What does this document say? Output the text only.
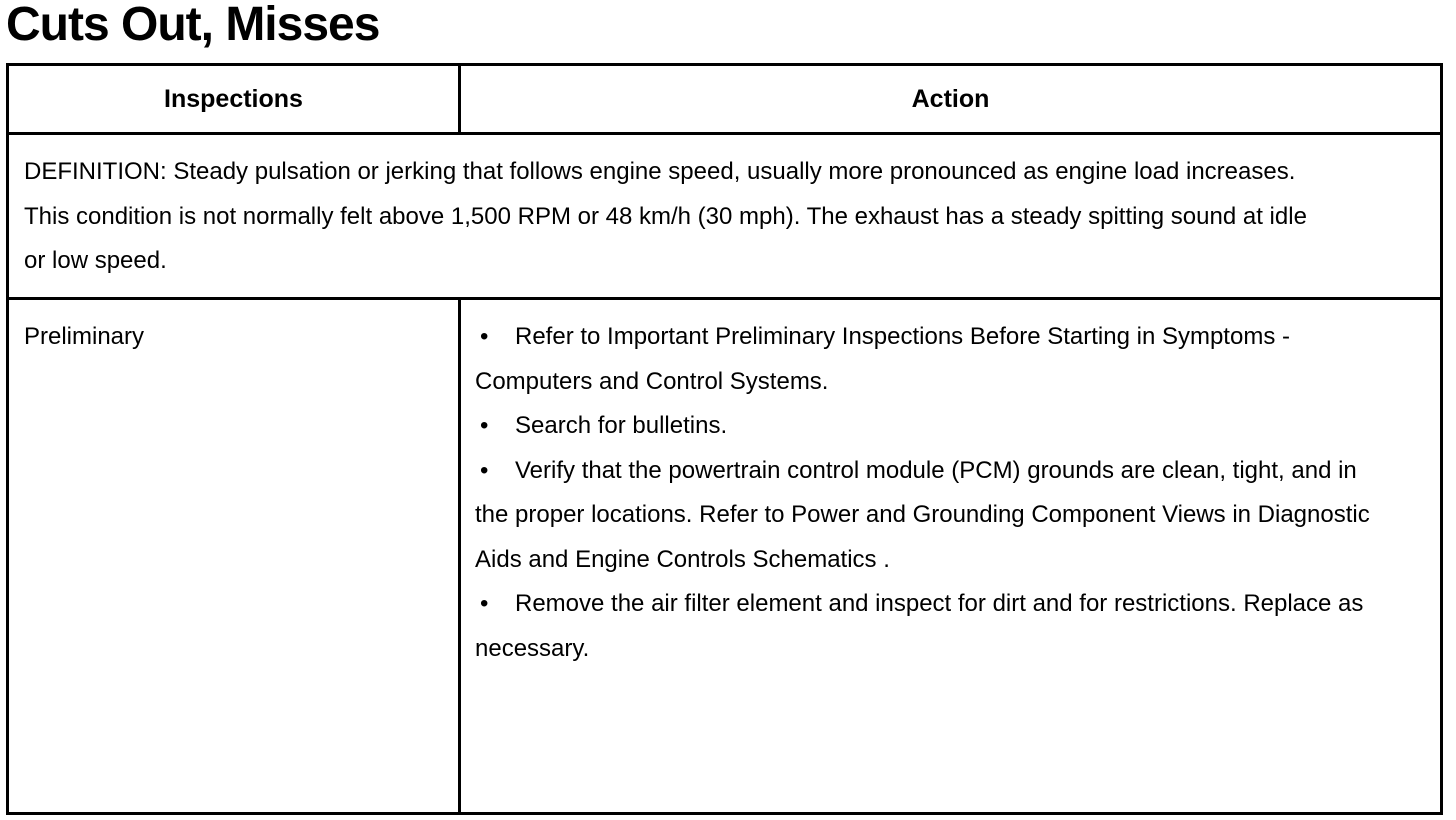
Cuts Out, Misses
Inspections	Action

DEFINITION: Steady pulsation or jerking that follows engine speed, usually more pronounced as engine load increases. This condition is not normally felt above 1,500 RPM or 48 km/h (30 mph). The exhaust has a steady spitting sound at idle or low speed.

Preliminary	• Refer to Important Preliminary Inspections Before Starting in Symptoms - Computers and Control Systems.
• Search for bulletins.
• Verify that the powertrain control module (PCM) grounds are clean, tight, and in the proper locations. Refer to Power and Grounding Component Views in Diagnostic Aids and Engine Controls Schematics .
• Remove the air filter element and inspect for dirt and for restrictions. Replace as necessary.
